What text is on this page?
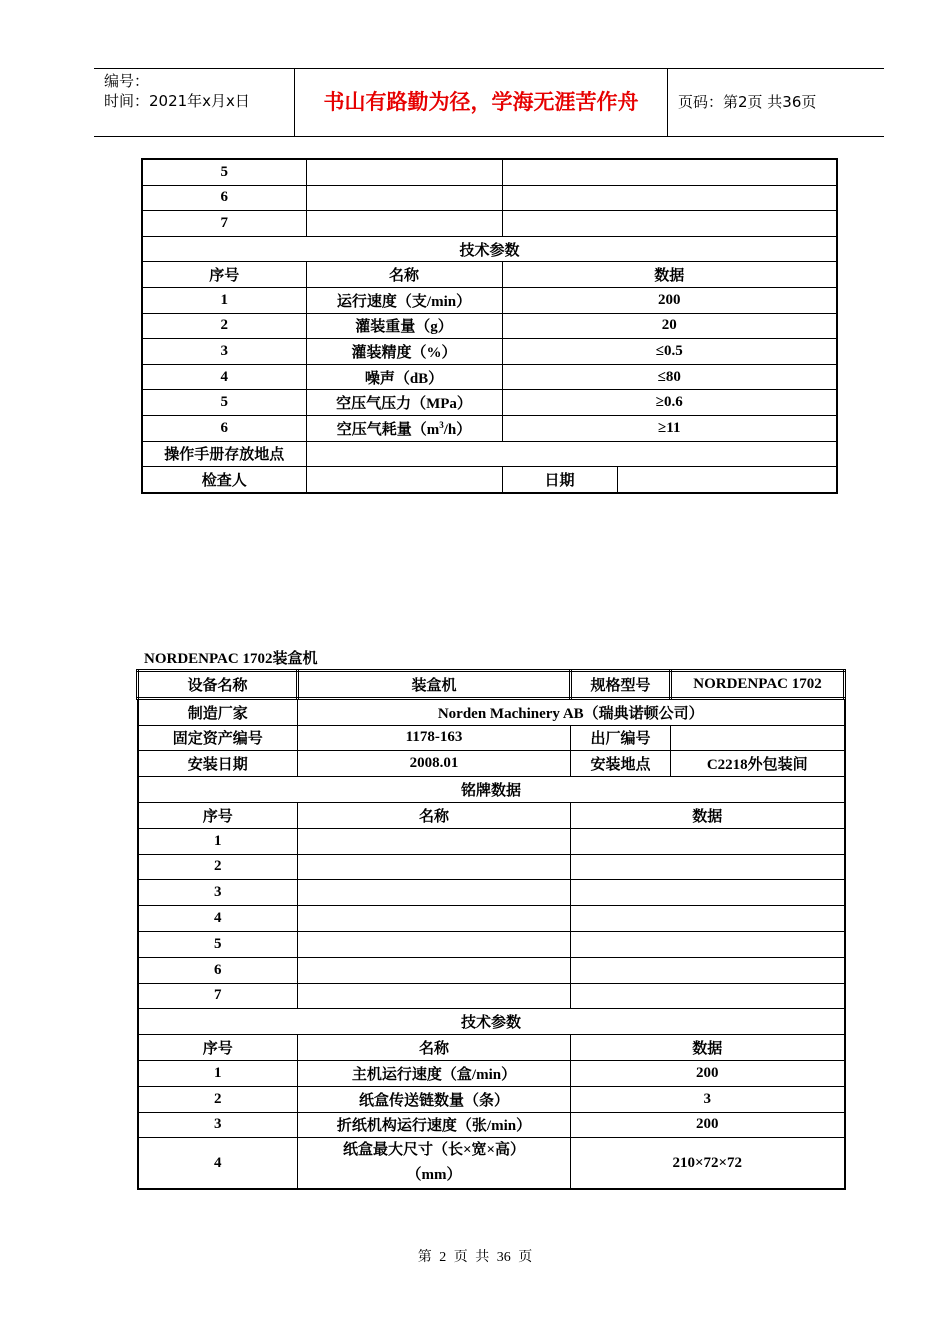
编号：
时间：2021年x月x日	书山有路勤为径，学海无涯苦作舟	页码：第2页 共36页
5			
6			
7			
技术参数			
序号	名称	数据	
1	运行速度（支/min）	200	
2	灌装重量（g）	20	
3	灌装精度（%）	≤0.5	
4	噪声（dB）	≤80	
5	空压气压力（MPa）	≥0.6	
6	空压气耗量$(m^3/h)$	≥11	
操作手册存放地点			
检查人		日期	
NORDENPAC 1702装盒机
设备名称	装盒机	规格型号	NORDENPAC 1702
制造厂家	Norden Machinery AB（瑞典诺顿公司）		
固定资产编号	1178-163	出厂编号	
安装日期	2008.01	安装地点	C2218外包装间
铭牌数据			
序号	名称	数据	
1			
2			
3			
4			
5			
6			
7			
技术参数			
序号	名称	数据	
1	主机运行速度（盒/min）	200	
2	纸盒传送链数量（条）	3	
3	折纸机构运行速度（张/min）	200	
4	纸盒最大尺寸（长×宽×高）
（mm）	210×72×72	
第 2 页 共 36 页
